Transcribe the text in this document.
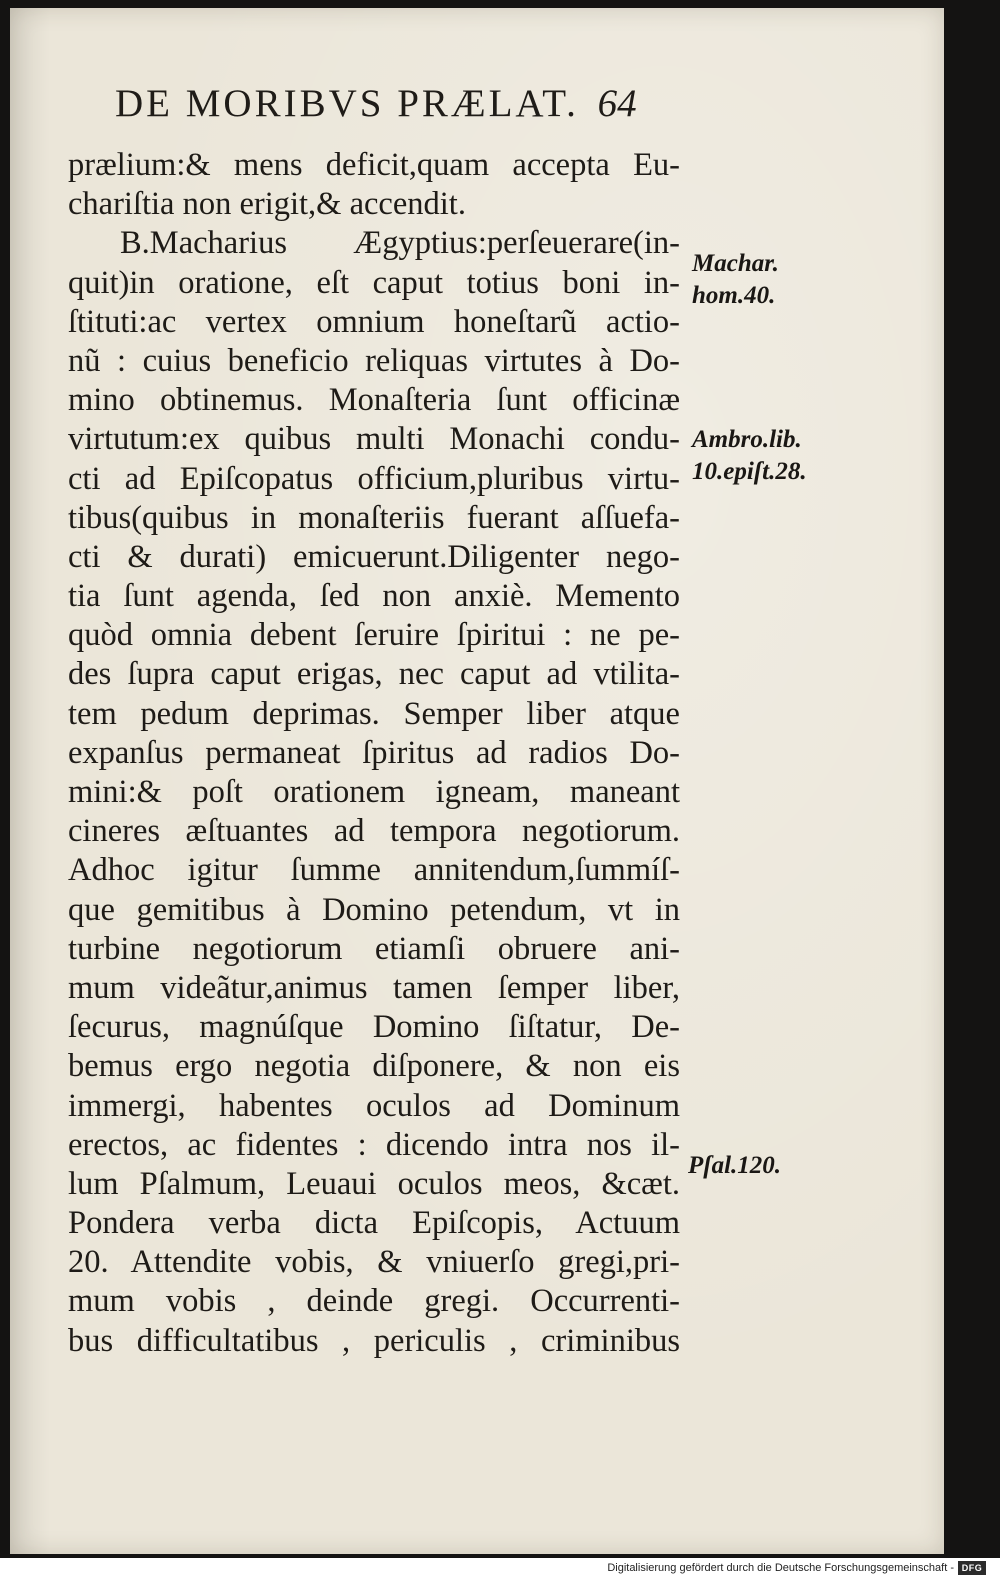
DE MORIBVS PRÆLAT. 64
prælium:& mens deficit,quam accepta Eu-
chariſtia non erigit,& accendit.
B.Macharius Ægyptius:perſeuerare(in-
quit)in oratione, eſt caput totius boni in-
ſtituti:ac vertex omnium honeſtarũ actio-
nũ : cuius beneficio reliquas virtutes à Do-
mino obtinemus. Monaſteria ſunt officinæ
virtutum:ex quibus multi Monachi condu-
cti ad Epiſcopatus officium,pluribus virtu-
tibus(quibus in monaſteriis fuerant aſſuefa-
cti & durati) emicuerunt.Diligenter nego-
tia ſunt agenda, ſed non anxiè. Memento
quòd omnia debent ſeruire ſpiritui : ne pe-
des ſupra caput erigas, nec caput ad vtilita-
tem pedum deprimas. Semper liber atque
expanſus permaneat ſpiritus ad radios Do-
mini:& poſt orationem igneam, maneant
cineres æſtuantes ad tempora negotiorum.
Adhoc igitur ſumme annitendum,ſummíſ-
que gemitibus à Domino petendum, vt in
turbine negotiorum etiamſi obruere ani-
mum videãtur,animus tamen ſemper liber,
ſecurus, magnúſque Domino ſiſtatur, De-
bemus ergo negotia diſponere, & non eis
immergi, habentes oculos ad Dominum
erectos, ac fidentes : dicendo intra nos il-
lum Pſalmum, Leuaui oculos meos, &cæt.
Pondera verba dicta Epiſcopis, Actuum
20. Attendite vobis, & vniuerſo gregi,pri-
mum vobis , deinde gregi. Occurrenti-
bus difficultatibus , periculis , criminibus
Machar.
hom.40.
Ambro.lib.
10.epiſt.28.
Pſal.120.
Digitalisierung gefördert durch die Deutsche Forschungsgemeinschaft - DFG
